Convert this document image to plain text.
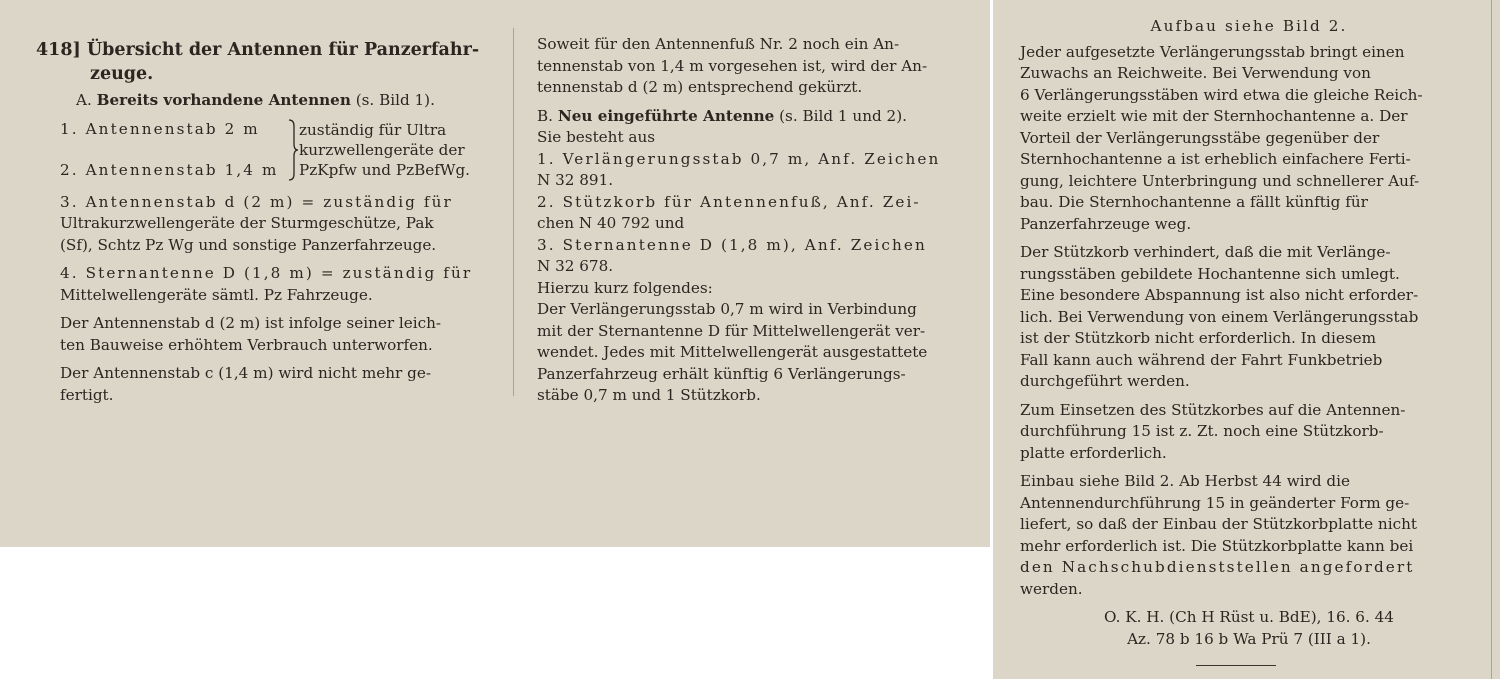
418] Übersicht der Antennen für Panzerfahr-
zeuge.
A. Bereits vorhandene Antennen (s. Bild 1).
1. Antennenstab 2 m
2. Antennenstab 1,4 m
zuständig für Ultra
kurzwellengeräte der
PzKpfw und PzBefWg.
3. Antennenstab d (2 m) = zuständig für
Ultrakurzwellengeräte der Sturmgeschütze, Pak
(Sf), Schtz Pz Wg und sonstige Panzerfahrzeuge.
4. Sternantenne D (1,8 m) = zuständig für
Mittelwellengeräte sämtl. Pz Fahrzeuge.
Der Antennenstab d (2 m) ist infolge seiner leich-
ten Bauweise erhöhtem Verbrauch unterworfen.
Der Antennenstab c (1,4 m) wird nicht mehr ge-
fertigt.
Soweit für den Antennenfuß Nr. 2 noch ein An-
tennenstab von 1,4 m vorgesehen ist, wird der An-
tennenstab d (2 m) entsprechend gekürzt.
B. Neu eingeführte Antenne (s. Bild 1 und 2).
Sie besteht aus
1. Verlängerungsstab 0,7 m, Anf. Zeichen
N 32 891.
2. Stützkorb für Antennenfuß, Anf. Zei-
chen N 40 792 und
3. Sternantenne D (1,8 m), Anf. Zeichen
N 32 678.
Hierzu kurz folgendes:
Der Verlängerungsstab 0,7 m wird in Verbindung
mit der Sternantenne D für Mittelwellengerät ver-
wendet. Jedes mit Mittelwellengerät ausgestattete
Panzerfahrzeug erhält künftig 6 Verlängerungs-
stäbe 0,7 m und 1 Stützkorb.
Aufbau siehe Bild 2.
Jeder aufgesetzte Verlängerungsstab bringt einen
Zuwachs an Reichweite. Bei Verwendung von
6 Verlängerungsstäben wird etwa die gleiche Reich-
weite erzielt wie mit der Sternhochantenne a. Der
Vorteil der Verlängerungsstäbe gegenüber der
Sternhochantenne a ist erheblich einfachere Ferti-
gung, leichtere Unterbringung und schnellerer Auf-
bau. Die Sternhochantenne a fällt künftig für
Panzerfahrzeuge weg.
Der Stützkorb verhindert, daß die mit Verlänge-
rungsstäben gebildete Hochantenne sich umlegt.
Eine besondere Abspannung ist also nicht erforder-
lich. Bei Verwendung von einem Verlängerungsstab
ist der Stützkorb nicht erforderlich. In diesem
Fall kann auch während der Fahrt Funkbetrieb
durchgeführt werden.
Zum Einsetzen des Stützkorbes auf die Antennen-
durchführung 15 ist z. Zt. noch eine Stützkorb-
platte erforderlich.
Einbau siehe Bild 2. Ab Herbst 44 wird die
Antennendurchführung 15 in geänderter Form ge-
liefert, so daß der Einbau der Stützkorbplatte nicht
mehr erforderlich ist. Die Stützkorbplatte kann bei
den Nachschubdienststellen angefordert
werden.
O. K. H. (Ch H Rüst u. BdE), 16. 6. 44
Az. 78 b 16 b Wa Prü 7 (III a 1).
